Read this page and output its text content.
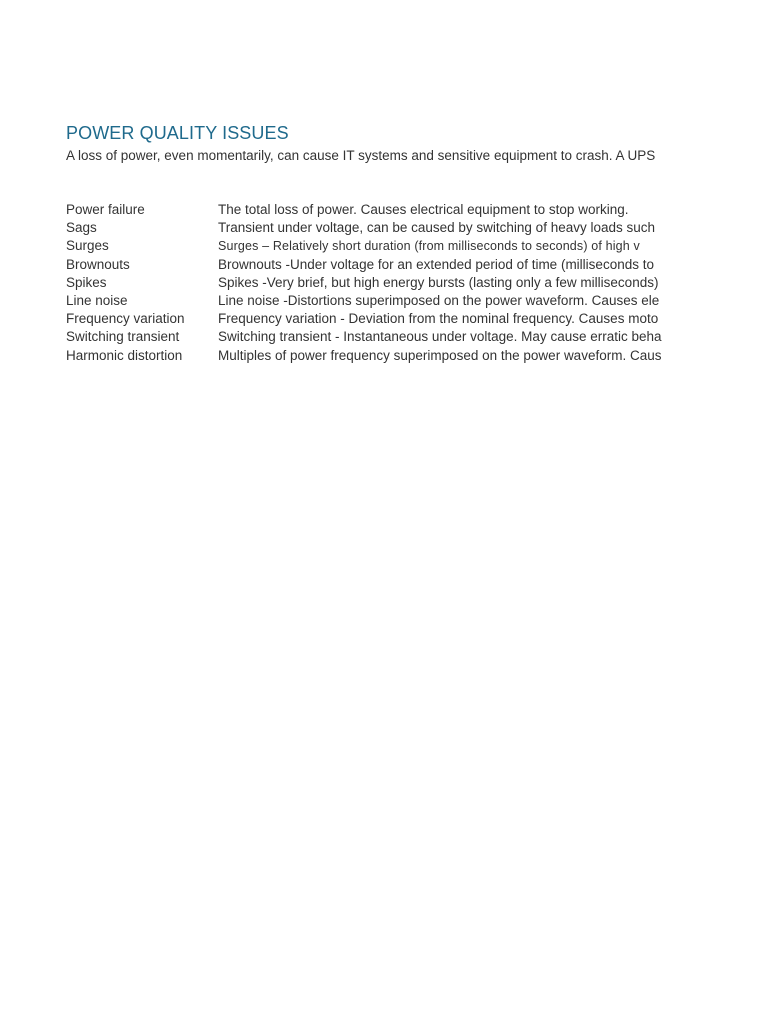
POWER QUALITY ISSUES
A loss of power, even momentarily, can cause IT systems and sensitive equipment to crash. A UPS
Power failure	The total loss of power. Causes electrical equipment to stop working.
Sags	Transient under voltage, can be caused by switching of heavy loads such
Surges	Surges – Relatively short duration (from milliseconds to seconds) of high v
Brownouts	Brownouts -Under voltage for an extended period of time (milliseconds to
Spikes	Spikes -Very brief, but high energy bursts (lasting only a few milliseconds)
Line noise	Line noise -Distortions superimposed on the power waveform. Causes ele
Frequency variation	Frequency variation - Deviation from the nominal frequency. Causes moto
Switching transient	Switching transient - Instantaneous under voltage. May cause erratic beha
Harmonic distortion	Multiples of power frequency superimposed on the power waveform. Caus
